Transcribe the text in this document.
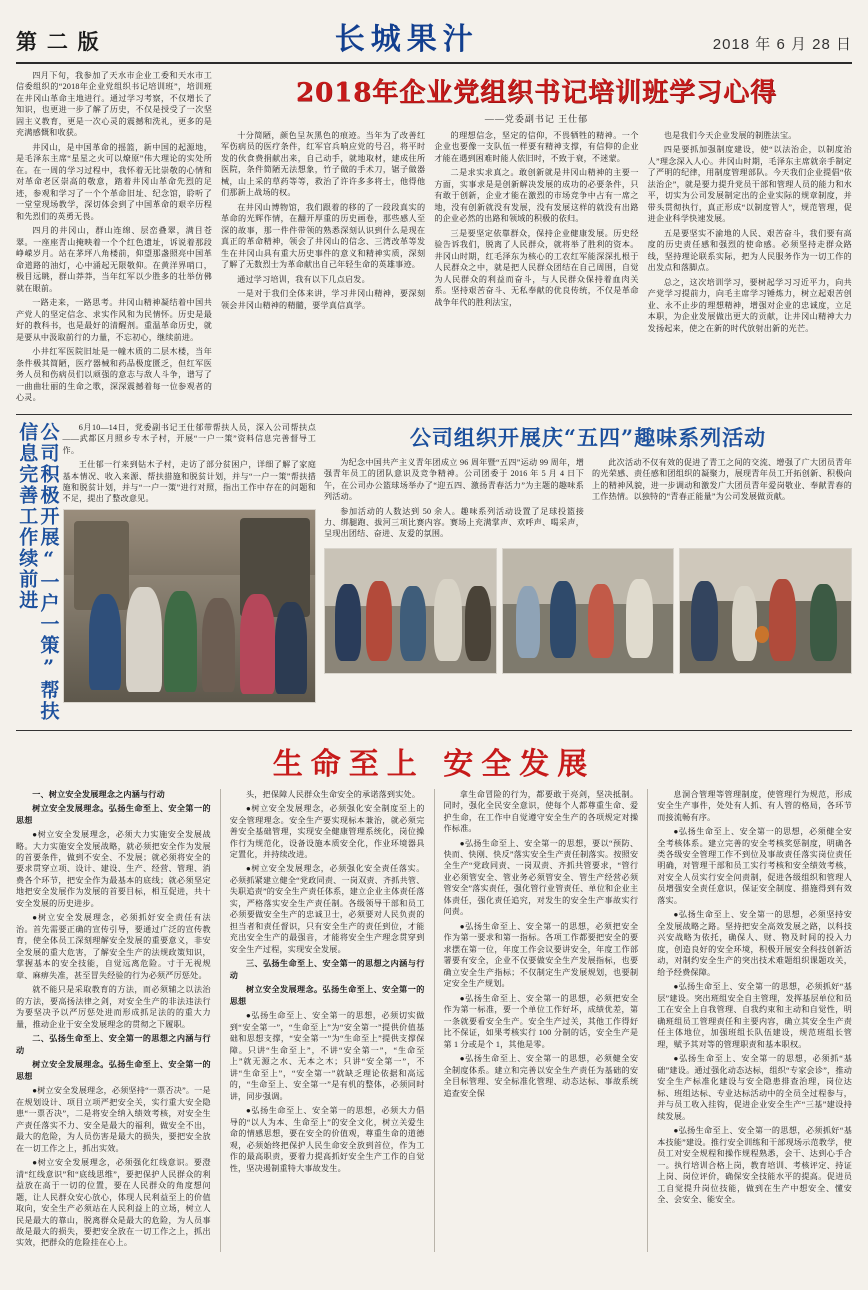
第 二 版	长城果汁	2018 年 6 月 28 日

四月下旬，我参加了天水市企业工委和天水市工信委组织的“2018年企业党组织书记培训班”，培训班在井冈山革命主地进行。通过学习考察，不仅增长了知识，也更进一步了解了历史，不仅是授受了一次坚固主义教育，更是一次心灵的震撼和洗礼，更多的是充满感慨和收获。

井冈山，是中国革命的摇篮，新中国的起源地，是毛泽东主席“星星之火可以燎原”伟大理论的实处所在。在一周的学习过程中，我怀着无比崇敬的心情和对革命老区崇高的敬意，踏着井冈山革命先烈的足迹，参观和学习了一个个革命旧址、纪念馆，聆听了一堂堂现场教学，深切体会到了中国革命的艰辛历程和先烈们的英勇无畏。

四月的井冈山，群山连绵、层峦叠翠，满目苍翠。一座座青山掩映着一个个红色遗址，诉说着那段峥嵘岁月。站在茅坪八角楼前，仰望那盏照亮中国革命道路的油灯，心中涌起无限敬仰。在黄洋界哨口，极目远眺，群山莽莽，当年红军以少胜多的壮举仿佛就在眼前。

一路走来，一路思考。井冈山精神凝结着中国共产党人的坚定信念、求实作风和为民情怀。历史是最好的教科书，也是最好的清醒剂。重温革命历史，就是要从中汲取前行的力量，不忘初心，继续前进。

小井红军医院旧址是一幢木质的二层木楼，当年条件极其简陋，医疗器械和药品极度匮乏，但红军医务人员和伤病员们以顽强的意志与敌人斗争，谱写了一曲曲壮丽的生命之歌，深深震撼着每一位参观者的心灵。

2018年企业党组织书记培训班学习心得
——党委副书记 王仕郁

十分简陋，颜色呈灰黑色的痕迹。当年为了改善红军伤病员的医疗条件，红军官兵响应党的号召，将平时发的伙食费捐献出来，自己动手，就地取材，建成住所医院，条件简陋无法想象，竹子做的手术刀，锯子做器械，山上采的草药等等，救治了许许多多将士，他得他们那新上战场的权。

在井冈山博物馆，我们跟着的移的了一段段真实的革命的光辉作情，在翻开厚重的历史画卷，那些感人至深的故事，那一件件带领的熟悉深刻认识到什么是现在真正的革命精神，领会了井冈山的信念、三湾改革等发生在井冈山具有重大历史事件的意义和精神实质，深刻了解了无数烈士为革命献出自己年轻生命的英雄事迹。

通过学习培训，我有以下几点启发。

一是对于我们全体来讲，学习井冈山精神，要深刻领会井冈山精神的精髓，要学真信真学。

的理想信念，坚定的信仰，不畏牺牲的精神。一个企业也要像一支队伍一样要有精神支撑，有信仰的企业才能在遇到困难时能人依旧时，不致于衰，不迷蒙。

二是求实求真之。敢创新就是井冈山精神的主要一方面，实事求是是创新解决发展的成功的必要条件，只有敢于创新，企业才能在激烈的市场竞争中占有一席之地，没有创新就没有发展，没有发展这样的就没有出路的企业必然的出路和领域的积极的依归。

三是要坚定依靠群众，保持企业健康发展。历史经验告诉我们，脱离了人民群众，就将举了胜利的资本。井冈山时期，红毛泽东为核心的工农红军能深深扎根于人民群众之中，就是把人民群众团结在自己周围，自觉为人民群众的利益而奋斗，与人民群众保持着血肉关系。坚持艰苦奋斗、无私奉献的优良传统，不仅是革命战争年代的胜利法宝，

也是我们今天企业发展的制胜法宝。

四是要抓加强制度建设，使“以法治企，以制度治人”理念深入人心。井冈山时期，毛泽东主席就亲手制定了严明的纪律，用制度管理部队。今天我们企业提倡“依法治企”，就是要力提升党员干部和管理人员的能力和水平，切实为公司发展制定出的企业实际的规章制度，并带头贯彻执行，真正形成“以制度管人”，规范管理，促进企业科学快速发展。

五是要坚实不渝地的人民、艰苦奋斗，我们要有高度的历史责任感和强烈的使命感。必须坚持走群众路线，坚持理论联系实际，把为人民服务作为一切工作的出发点和落脚点。

总之，这次培训学习，要树起学习习近平力，向共产党学习提前力，向毛主席学习锤炼力，树立起艰苦创业、永不止步的理想精神，增强对企业的忠诚度，立足本职，为企业发展做出更大的贡献，让井冈山精神大力发扬起来，使之在新的时代放射出新的光芒。

公司积极开展“一户一策”帮扶信息完善工作续前进	6月10—14日，党委副书记王仕郁带帮扶人员，深入公司帮扶点——武都区月照乡专木子村，开展“一户一策”资料信息完善督导工作。

王仕郁一行来到钻木子村，走访了部分贫困户，详细了解了家庭基本情况、收入来源、帮扶措施和脱贫计划，并与“一户一策”帮扶措施和脱贫计划，并与“一户一策”进行对照，指出工作中存在的问题和不足，提出了整改意见。

公司组织开展庆“五四”趣味系列活动

为纪念中国共产主义青年团成立 96 周年暨“五四”运动 99 周年，增强青年员工的团队意识及竞争精神。公司团委于 2016 年 5 月 4 日下午，在公司办公篮球场举办了“迎五四、激扬青春活力”为主题的趣味系列活动。

参加活动的人数达到 50 余人。趣味系列活动设置了足球投篮接力、绑腿跑、拔河三项比赛内容。赛场上充满掌声、欢呼声、喝采声，呈现出团结、奋进、友爱的氛围。

此次活动不仅有效的促进了青工之间的交流、增强了广大团员青年的光荣感、责任感和团组织的凝聚力，展现青年员工开拓创新、积极向上的精神风貌，进一步调动和激发广大团员青年爱岗敬业、奉献青春的工作热情。以独特的“青春正能量”为公司发展做贡献。

生命至上 安全发展

一、树立安全发展理念之内涵与行动

树立安全发展理念。弘扬生命至上、安全第一的思想

●树立安全发展理念，必须大力实施安全发展战略。大力实施安全发展战略，就必须把安全作为发展的首要条件，做到不安全、不发展；就必须将安全的要求贯穿立项、设计、建设、生产、经营、管理、消费各个环节，把安全作为最基本的底线；就必须坚定地把安全发展作为发展的首要目标，相互促进，共十安全发展的历史进步。

●树立安全发展理念，必须抓好安全责任有法治。首先需要正确的宣传引导，要通过广泛的宣传教育，使全体员工深刻理解安全发展的重要意义，非安全发展的重大危害，了解安全生产的法规政策知识，掌握基本的安全技能，自觉远离危险。寸于无视规章、麻痹失准，甚至冒失经验的行为必须严厉惩处。

就不能只是采取教育的方法，而必须辅之以法治的方法，要高扬法律之剑，对安全生产的非法违法行为要坚决予以严厉惩处进而形成抓足法的的重大力量，推动企业于安全发展理念的贯彻之下履职。

二、弘扬生命至上、安全第一的思想之内涵与行动

树立安全发展理念。弘扬生命至上、安全第一的思想

●树立安全发展理念，必须坚持“一票否决”。一是在规划设计、项目立项严把安全关，实行重大安全隐患“一票否决”，二是将安全纳入绩效考核，对安全生产责任落实不力、安全是最大的福利，做安全不出，最大的危险，为人员伤害是最大的损失，要把安全放在一切工作之上，抓出实效。

●树立安全发展理念，必须强化红线意识。要澄清“红线意识”和“底线思维”，要把保护人民群众的利益放在高于一切的位置，要在人民群众的角度想问题，让人民群众安心放心，体现人民利益至上的价值取向，安全生产必须站在人民利益上的立场，树立人民是最大的靠山，脱离群众是最大的危险，为人员事故是最大的损失，要把安全放在一切工作之上，抓出实效，把群众的危险挂在心上。

头，把保障人民群众生命安全的承诺落到实处。

●树立安全发展理念，必须强化安全制度至上的安全管理理念。安全生产要实现标本兼治，就必须完善安全基础管理，实现安全健康管理系统化，岗位操作行为规范化，设备设施本质安全化，作业环境器具定置化，并持续改进。

●树立安全发展理念，必须强化安全责任落实。必须抓紧建立健全“党政同责、一岗双责、齐抓共管、失职追责”的安全生产责任体系，建立企业主体责任落实，严格落实安全生产责任制。各级领导干部和员工必须要做安全生产的忠诚卫士，必须要对人民负责的担当者和责任督识，只有安全生产的责任到位，才能充出安全生产的最强音，才能将安全生产理念贯穿到安全生产过程，实现安全发展。

三、弘扬生命至上、安全第一的思想之内涵与行动

树立安全发展理念。弘扬生命至上、安全第一的思想

●弘扬生命至上、安全第一的思想，必须切实做到“安全第一”，“生命至上”为“安全第一”提供价值基础和思想支撑，“安全第一”为“生命至上”提供支撑保障。只讲“生命至上”，不讲“安全第一”，“生命至上”就无源之水、无本之木；只讲“安全第一”，不讲“生命至上”，“安全第一”就缺乏理论依据和高远的，“生命至上、安全第一”是有机的整体，必须同时讲，同步强调。

●弘扬生命至上、安全第一的思想，必须大力倡导的“以人为本、生命至上”的安全文化，树立关爱生命的情感思想，要在安全的价值观，尊重生命的道德观，必须始终把保护人民生命安全放到首位，作为工作的最高职责，要着力提高抓好安全生产工作的自觉性，坚决遏制重特大事故发生。

拿生命冒险的行为，都要敢于亮剑，坚决抵制。同时，强化全民安全意识，使每个人都尊重生命、爱护生命，在工作中自觉遵守安全生产的各项规定对操作标准。

●弘扬生命至上、安全第一的思想，要以“预防、快而、快刚、快反”落实安全生产责任制落实。按照安全生产“党政同责、一岗双责、齐抓共管要求，“管行业必须管安全、管业务必须管安全、管生产经营必须管安全”落实责任，强化管行业管责任、单位和企业主体责任，强化责任追究，对发生的安全生产事故实行问责。

●弘扬生命至上、安全第一的思想，必须把安全作为第一要求和第一指标。各项工作都要把安全的要求摆在第一位，年度工作会议要讲安全，年度工作部署要有安全，企业不仅要做安全生产发展指标，也要确立安全生产指标；不仅制定生产发展规划，也要制定安全生产规划。

●弘扬生命至上、安全第一的思想，必须把安全作为第一标准，要一个单位工作好坏，成绩优差，第一条就要看安全生产。安全生产过关，其他工作得好比不保证，如果考核实行 100 分制的话，安全生产是第 1 分或是个 1，其他是零。

●弘扬生命至上、安全第一的思想，必须健全安全制度体系。建立和完善以安全生产责任为基础的安全目标管理、安全标准化管理、动态达标、事故系统追查安全保

息洞合管理等管理制度，使管理行为规范，形成安全生产事件，处处有人抓、有人管的格局，各环节而接流畅有序。

●弘扬生命至上、安全第一的思想，必须健全安全考核体系。建立完善的安全考核奖惩制度，明确各类各级安全管理工作不到位及事故责任落实岗位责任明确，对管理干部和员工实行考核和安全绩效考核，对安全人员实行安全问责制，促进各级组织和管理人员增强安全责任意识，保证安全制度、措施得到有效落实。

●弘扬生命至上、安全第一的思想，必须坚持安全发展战略之路。坚持把安全高效发展之路，以科技兴安战略为依托，确保人、财、物及时间的投入力度，创造良好的安全环境，积极开展安全科技创新活动，对制约安全生产的突出技术难题组织课题攻关，给予经费保障。

●弘扬生命至上、安全第一的思想，必须抓好“基层”建设。突出班组安全自主管理，发挥基层单位和员工在安全上自我管理、自我约束和主动和自觉性，明确班组员工管理责任和主要内容，确立其安全生产责任主体地位，加强班组长队伍建设，规范班组长管理，赋予其对等的管理职责和基本职权。

●弘扬生命至上、安全第一的思想，必须抓“基础”建设。通过强化动态达标，组织“专家会诊”，推动安全生产标准化建设与安全隐患排查治理，岗位达标、班组达标、专业达标活动中的全员全过程参与，并与员工收入挂钩，促进企业安全生产“三基”建设持续发展。

●弘扬生命至上、安全第一的思想，必须抓好“基本技能”建设。推行安全训练和干部现场示范教学，使员工对安全规程和操作规程熟悉，会干、达到心手合一。执行培训合格上岗，教育培训、考核评定、持证上岗、岗位评价，确保安全技能水平的提高。促进员工自觉提升岗位技能，做到在生产中想安全、懂安全、会安全、能安全。
